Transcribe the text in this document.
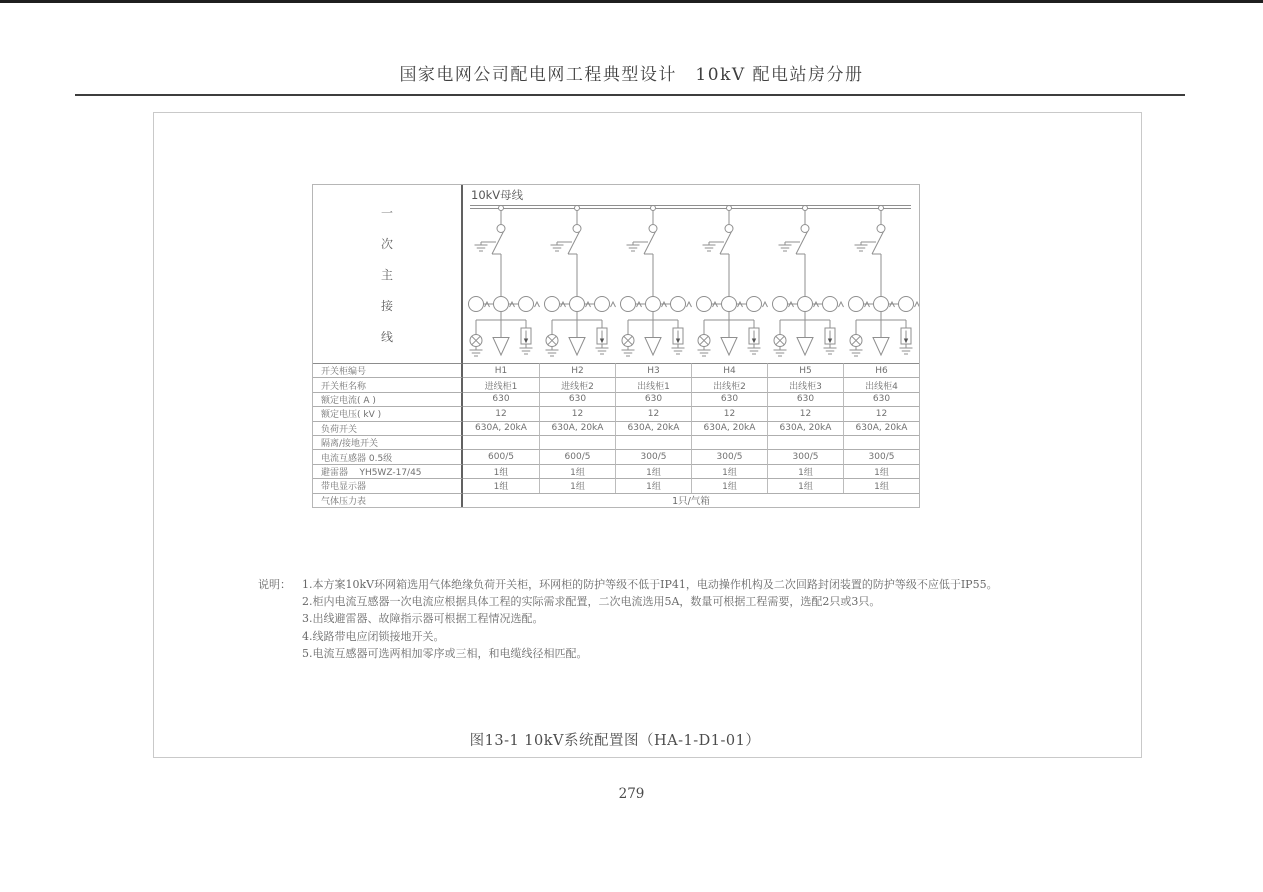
国家电网公司配电网工程典型设计　10kV 配电站房分册
一
次
主
接
线
10kV母线
开关柜编号	H1	H2	H3	H4	H5	H6
开关柜名称	进线柜1	进线柜2	出线柜1	出线柜2	出线柜3	出线柜4
额定电流( A )	630	630	630	630	630	630
额定电压( kV )	12	12	12	12	12	12
负荷开关	630A, 20kA	630A, 20kA	630A, 20kA	630A, 20kA	630A, 20kA	630A, 20kA
隔离/接地开关
电流互感器 0.5级	600/5	600/5	300/5	300/5	300/5	300/5
避雷器    YH5WZ-17/45	1组	1组	1组	1组	1组	1组
带电显示器	1组	1组	1组	1组	1组	1组
气体压力表	1只/气箱
说明：	1.本方案10kV环网箱选用气体绝缘负荷开关柜，环网柜的防护等级不低于IP41，电动操作机构及二次回路封闭装置的防护等级不应低于IP55。
2.柜内电流互感器一次电流应根据具体工程的实际需求配置，二次电流选用5A，数量可根据工程需要，选配2只或3只。
3.出线避雷器、故障指示器可根据工程情况选配。
4.线路带电应闭锁接地开关。
5.电流互感器可选两相加零序或三相，和电缆线径相匹配。
图13-1 10kV系统配置图（HA-1-D1-01）
279
